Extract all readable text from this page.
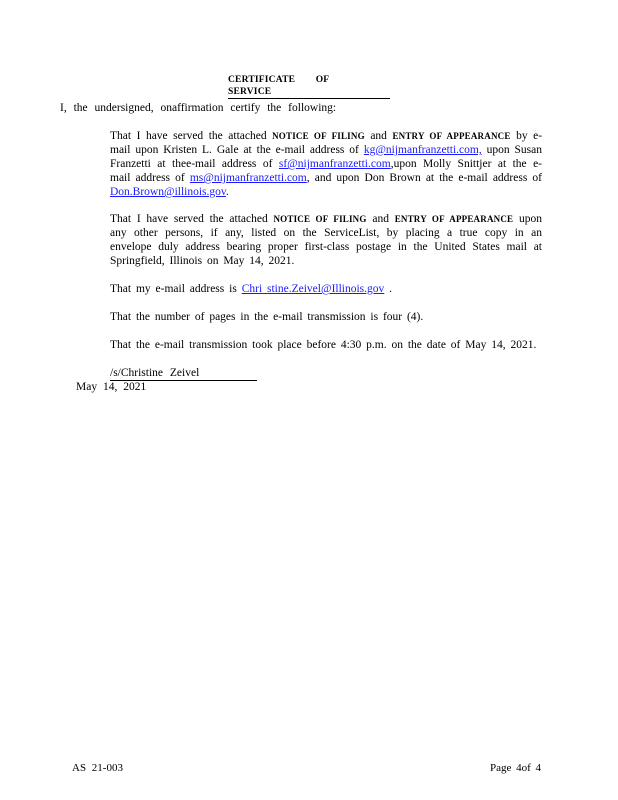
CERTIFICATE OF SERVICE
I, the undersigned, onaffirmation certify the following:
That I have served the attached NOTICE OF FILING and ENTRY OF APPEARANCE by e-mail upon Kristen L. Gale at the e-mail address of kg@nijmanfranzetti.com, upon Susan Franzetti at thee-mail address of sf@nijmanfranzetti.com,upon Molly Snittjer at the e-mail address of ms@nijmanfranzetti.com, and upon Don Brown at the e-mail address of Don.Brown@illinois.gov.
That I have served the attached NOTICE OF FILING and ENTRY OF APPEARANCE upon any other persons, if any, listed on the ServiceList, by placing a true copy in an envelope duly address bearing proper first-class postage in the United States mail at Springfield, Illinois on May 14, 2021.
That my e-mail address is Chri stine.Zeivel@Illinois.gov .
That the number of pages in the e-mail transmission is four (4).
That the e-mail transmission took place before 4:30 p.m. on the date of May 14, 2021.
/s/Christine Zeivel
May 14, 2021
AS 21-003	Page 4of 4
